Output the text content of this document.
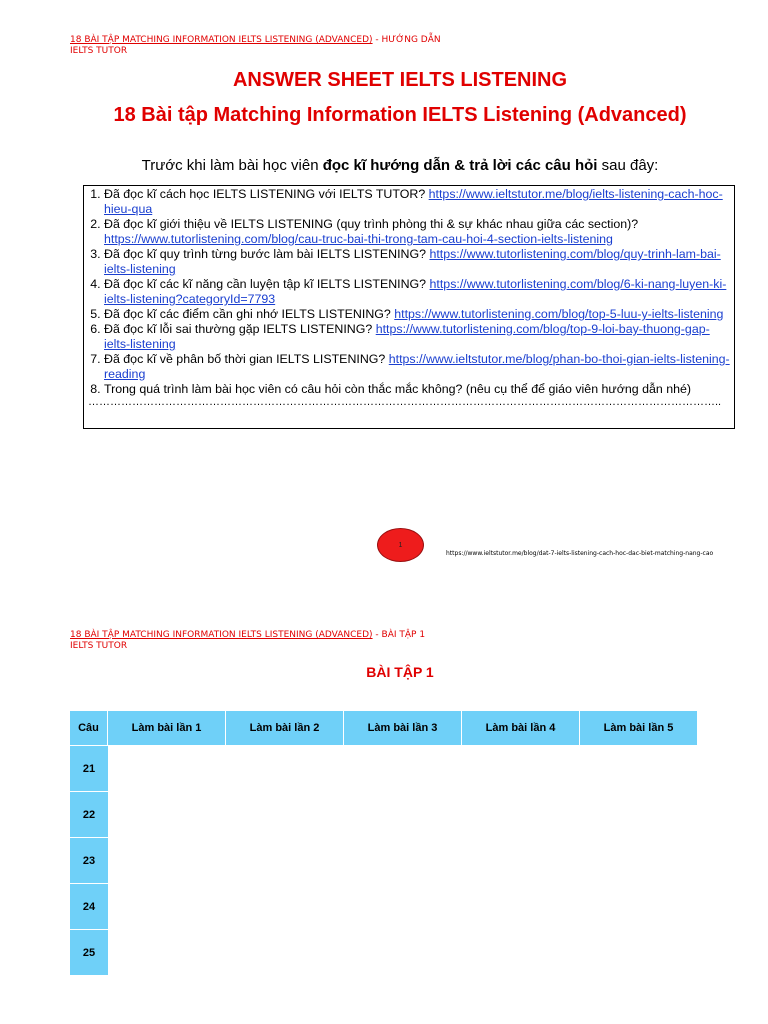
18 BÀI TẬP MATCHING INFORMATION IELTS LISTENING (ADVANCED) - HƯỚNG DẪN
IELTS TUTOR
ANSWER SHEET IELTS LISTENING
18 Bài tập Matching Information IELTS Listening (Advanced)
Trước khi làm bài học viên đọc kĩ hướng dẫn & trả lời các câu hỏi sau đây:
1. Đã đọc kĩ cách học IELTS LISTENING với IELTS TUTOR? https://www.ieltstutor.me/blog/ielts-listening-cach-hoc-hieu-qua
2. Đã đọc kĩ giới thiệu về IELTS LISTENING (quy trình phòng thi & sự khác nhau giữa các section)? https://www.tutorlistening.com/blog/cau-truc-bai-thi-trong-tam-cau-hoi-4-section-ielts-listening
3. Đã đọc kĩ quy trình từng bước làm bài IELTS LISTENING? https://www.tutorlistening.com/blog/quy-trinh-lam-bai-ielts-listening
4. Đã đọc kĩ các kĩ năng cần luyện tập kĩ IELTS LISTENING? https://www.tutorlistening.com/blog/6-ki-nang-luyen-ki-ielts-listening?categoryId=7793
5. Đã đọc kĩ các điểm cần ghi nhớ IELTS LISTENING? https://www.tutorlistening.com/blog/top-5-luu-y-ielts-listening
6. Đã đọc kĩ lỗi sai thường gặp IELTS LISTENING? https://www.tutorlistening.com/blog/top-9-loi-bay-thuong-gap-ielts-listening
7. Đã đọc kĩ về phân bố thời gian IELTS LISTENING? https://www.ieltstutor.me/blog/phan-bo-thoi-gian-ielts-listening-reading
8. Trong quá trình làm bài học viên có câu hỏi còn thắc mắc không? (nêu cụ thể để giáo viên hướng dẫn nhé)
………………………………………………………………………………………………………………………………………………………..
1
https://www.ieltstutor.me/blog/dat-7-ielts-listening-cach-hoc-dac-biet-matching-nang-cao
18 BÀI TẬP MATCHING INFORMATION IELTS LISTENING (ADVANCED) - BÀI TẬP 1
IELTS TUTOR
BÀI TẬP 1
Câu	Làm bài lần 1	Làm bài lần 2	Làm bài lần 3	Làm bài lần 4	Làm bài lần 5
21					
22					
23					
24					
25					
